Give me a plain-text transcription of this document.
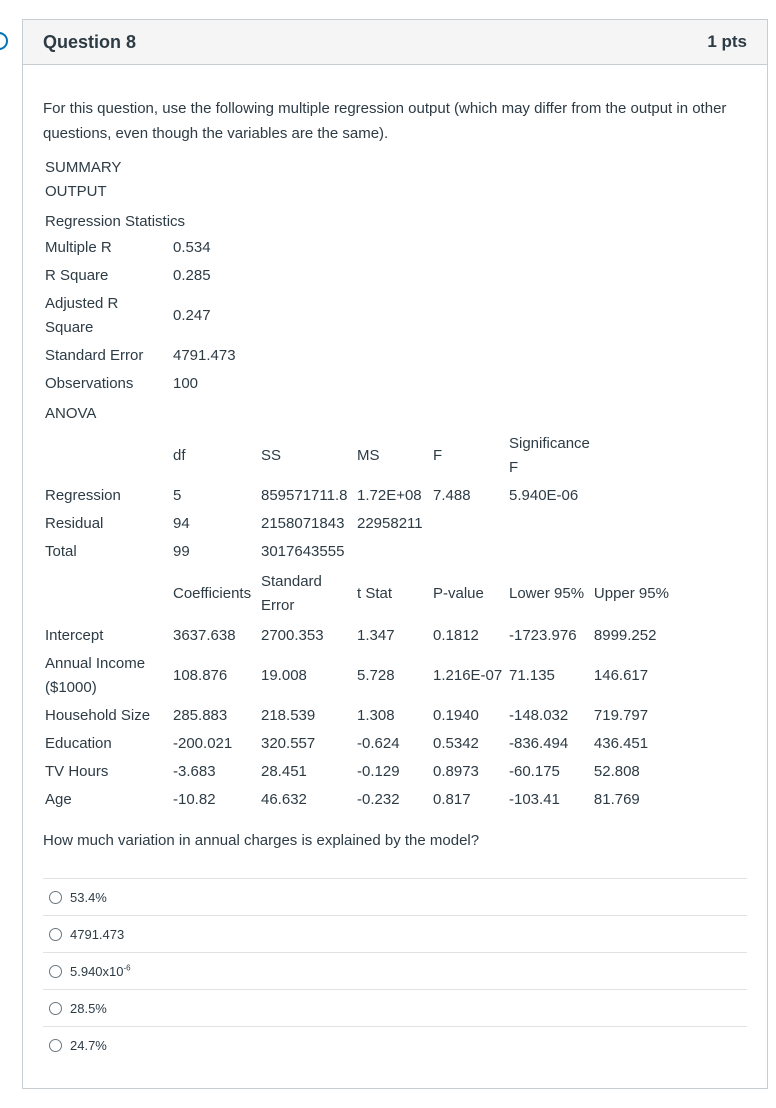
Question 8	1 pts

For this question, use the following multiple regression output (which may differ from the output in other questions, even though the variables are the same).

SUMMARY
OUTPUT						
Regression Statistics						
Multiple R	0.534					
R Square	0.285					
Adjusted R Square	0.247					
Standard Error	4791.473					
Observations	100					
ANOVA						
	df	SS	MS	F	Significance F	
Regression	5	859571711.8	1.72E+08	7.488	5.940E-06	
Residual	94	2158071843	22958211			
Total	99	3017643555				
	Coefficients	Standard Error	t Stat	P-value	Lower 95%	Upper 95%
Intercept	3637.638	2700.353	1.347	0.1812	-1723.976	8999.252
Annual Income ($1000)	108.876	19.008	5.728	1.216E-07	71.135	146.617
Household Size	285.883	218.539	1.308	0.1940	-148.032	719.797
Education	-200.021	320.557	-0.624	0.5342	-836.494	436.451
TV Hours	-3.683	28.451	-0.129	0.8973	-60.175	52.808
Age	-10.82	46.632	-0.232	0.817	-103.41	81.769

How much variation in annual charges is explained by the model?

53.4%
4791.473
$5.940x10^{-6}$
28.5%
24.7%
